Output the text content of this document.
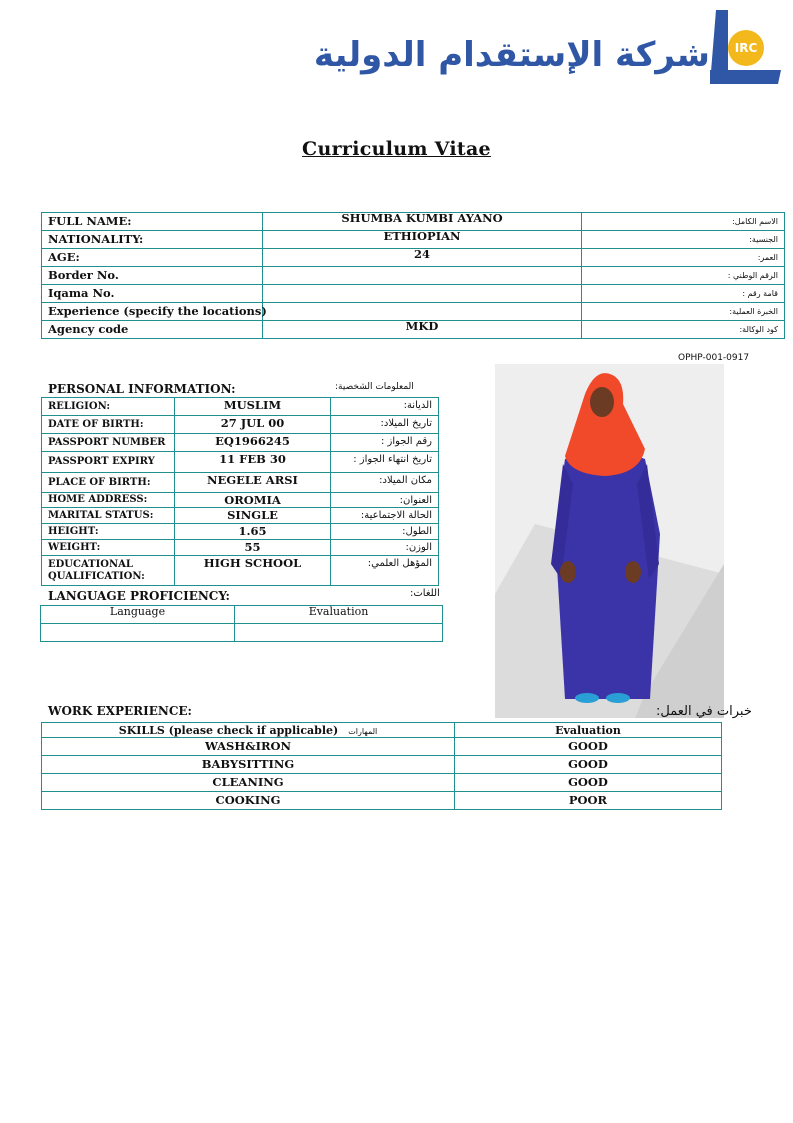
شركة الإستقدام الدولية	IRC
Curriculum Vitae
FULL NAME:	SHUMBA KUMBI AYANO	الاسم الكامل:
NATIONALITY:	ETHIOPIAN	الجنسية:
AGE:	24	العمر:
Border No.		الرقم الوطني :
Iqama No.		قامة رقم :
Experience (specify the locations)		الخبرة العملية:
Agency code	MKD	كود الوكالة:
OPHP-001-0917
PERSONAL INFORMATION:	المعلومات الشخصية:
RELIGION:	MUSLIM	الديانة:
DATE OF BIRTH:	27 JUL 00	تاريخ الميلاد:
PASSPORT NUMBER	EQ1966245	رقم الجواز :
PASSPORT EXPIRY	11 FEB 30	تاريخ انتهاء الجواز :
PLACE OF BIRTH:	NEGELE ARSI	مكان الميلاد:
HOME ADDRESS:	OROMIA	العنوان:
MARITAL STATUS:	SINGLE	الحالة الاجتماعية:
HEIGHT:	1.65	الطول:
WEIGHT:	55	الوزن:
EDUCATIONAL QUALIFICATION:	HIGH SCHOOL	المؤهل العلمي:
LANGUAGE PROFICIENCY:	اللغات:
Language	Evaluation

WORK EXPERIENCE:	خبرات في العمل:
SKILLS (please check if applicable) المهارات	Evaluation
WASH&IRON	GOOD
BABYSITTING	GOOD
CLEANING	GOOD
COOKING	POOR
